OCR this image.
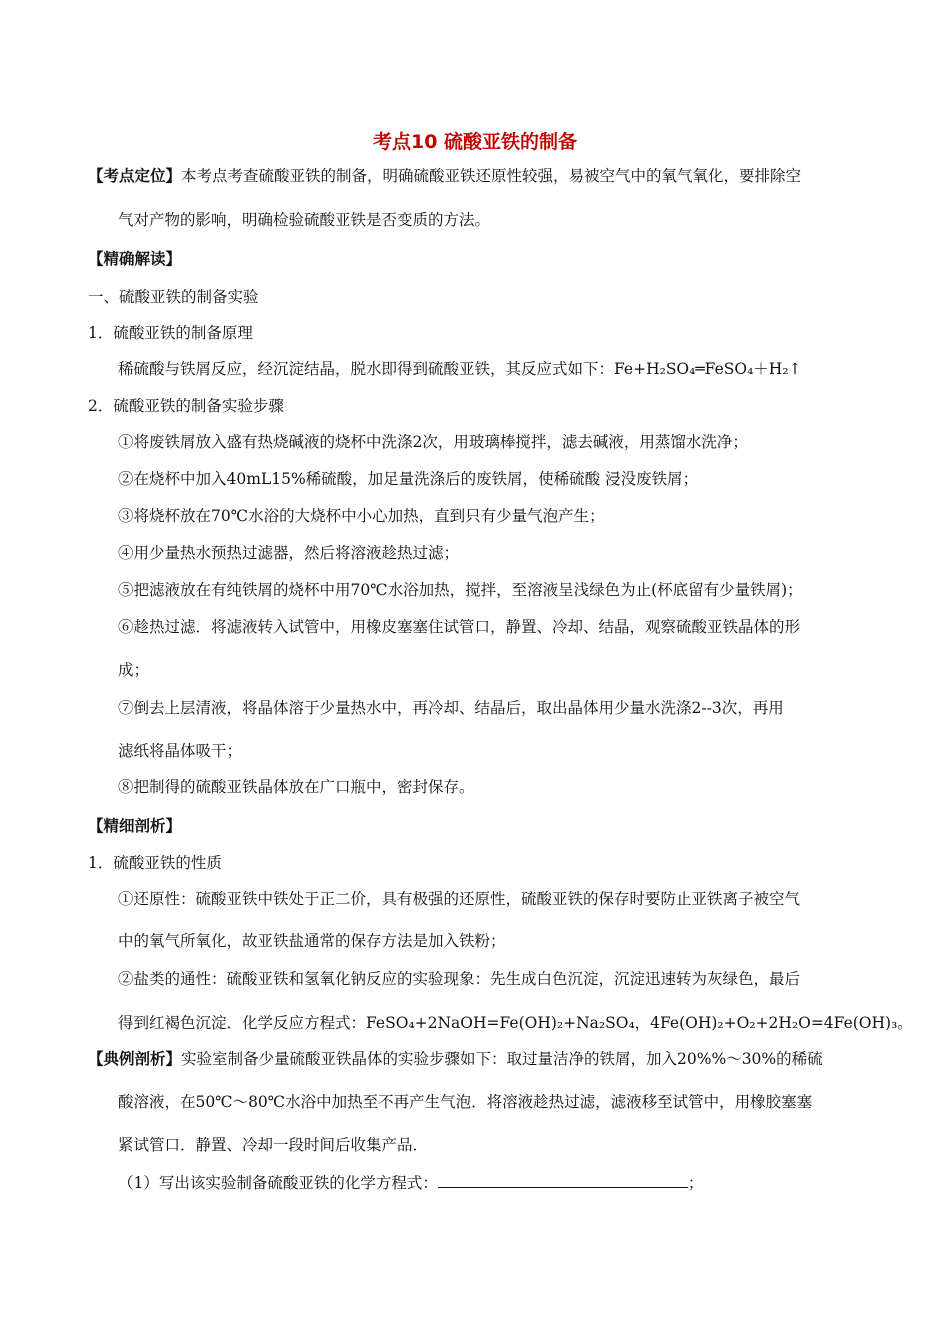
考点10 硫酸亚铁的制备
【考点定位】本考点考查硫酸亚铁的制备，明确硫酸亚铁还原性较强，易被空气中的氧气氧化，要排除空
气对产物的影响，明确检验硫酸亚铁是否变质的方法。
【精确解读】
一、硫酸亚铁的制备实验
1．硫酸亚铁的制备原理
稀硫酸与铁屑反应，经沉淀结晶，脱水即得到硫酸亚铁，其反应式如下：Fe+H₂SO₄═FeSO₄＋H₂↑
2．硫酸亚铁的制备实验步骤
①将废铁屑放入盛有热烧碱液的烧杯中洗涤2次，用玻璃棒搅拌，滤去碱液，用蒸馏水洗净；
②在烧杯中加入40mL15%稀硫酸，加足量洗涤后的废铁屑，使稀硫酸 浸没废铁屑；
③将烧杯放在70℃水浴的大烧杯中小心加热，直到只有少量气泡产生；
④用少量热水预热过滤器，然后将溶液趁热过滤；
⑤把滤液放在有纯铁屑的烧杯中用70℃水浴加热，搅拌，至溶液呈浅绿色为止(杯底留有少量铁屑)；
⑥趁热过滤．将滤液转入试管中，用橡皮塞塞住试管口，静置、冷却、结晶，观察硫酸亚铁晶体的形
成；
⑦倒去上层清液，将晶体溶于少量热水中，再冷却、结晶后，取出晶体用少量水洗涤2--3次，再用
滤纸将晶体吸干；
⑧把制得的硫酸亚铁晶体放在广口瓶中，密封保存。
【精细剖析】
1．硫酸亚铁的性质
①还原性：硫酸亚铁中铁处于正二价，具有极强的还原性，硫酸亚铁的保存时要防止亚铁离子被空气
中的氧气所氧化，故亚铁盐通常的保存方法是加入铁粉；
②盐类的通性：硫酸亚铁和氢氧化钠反应的实验现象：先生成白色沉淀，沉淀迅速转为灰绿色，最后
得到红褐色沉淀．化学反应方程式：FeSO₄+2NaOH=Fe(OH)₂+Na₂SO₄，4Fe(OH)₂+O₂+2H₂O=4Fe(OH)₃。
【典例剖析】实验室制备少量硫酸亚铁晶体的实验步骤如下：取过量洁净的铁屑，加入20%%～30%的稀硫
酸溶液，在50℃～80℃水浴中加热至不再产生气泡．将溶液趁热过滤，滤液移至试管中，用橡胶塞塞
紧试管口．静置、冷却一段时间后收集产品．
（1）写出该实验制备硫酸亚铁的化学方程式：	；
